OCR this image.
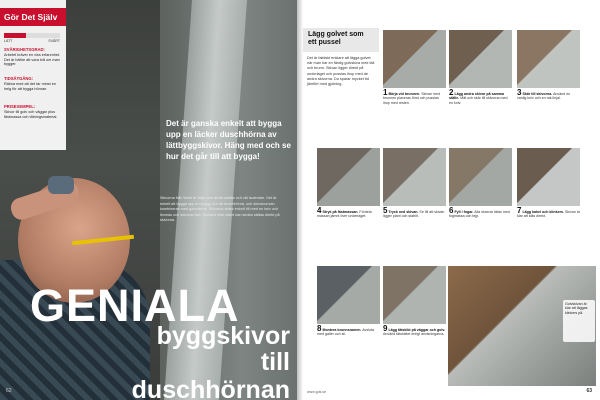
Gör Det Själv
LÄTT	SVÅRT
SVÅRIGHETSGRAD:
Arbetet kräver en viss erfarenhet. Det är bättre att vara två om man bygger.
TIDSÅTGÅNG:
Räkna med att det tar minst en helg för att bygga hörnan.
PRISEXEMPEL:
Skivor till golv och väggar plus fästmassa och tätningsmaterial.
Det är ganska enkelt att bygga upp en läcker duschhörna av lättbyggskivor. Häng med och se hur det går till att bygga!
Skivorna från Wedi är lätta men ändå stabila och väl isolerade. Det är enkelt att bygga upp en snygg och tät duschhörna, och skivorna kan kombineras med golvvärme. Skivorna skärs enkelt till med en kniv och limmas och skruvas fast. Klinkers eller kakel kan sedan sättas direkt på skivorna.
GENIALA
byggskivor
till duschhörnan
62
Lägg golvet som ett pussel
Det är faktiskt enklare att lägga golvet när man har en färdig golvskiva med fall och brunn. Skivan ligger direkt på underlaget och pusslas ihop med de andra skivorna. Du sparar mycket tid jämfört med gjutning.
1Börja vid brunnen. Skivan med brunnen placeras först och pusslas ihop med resten.
2Lägg andra skivor på samma ställe. Mät och skär till skivorna med en kniv.
3Skär till skivorna. Använd en vanlig kniv och en rak linjal.
4Stryk på fästmassan. Fördela massan jämnt över underlaget.
5Tryck ned skivan. Se till att skivan ligger plant och stabilt.
6Fyll i fogar. Alla skarvar tätas med fogmassa och tejp.
7Lägg kakel och klinkers. Skivan är klar att kläs direkt.
8Montera brunnsramen. Avsluta med galler och sil.
9Lägg tätskikt på väggar och golv. Använd tätskiktet enligt anvisningarna.
Golvskivan är klar att läggas klinkers på.
www.gds.se	63
